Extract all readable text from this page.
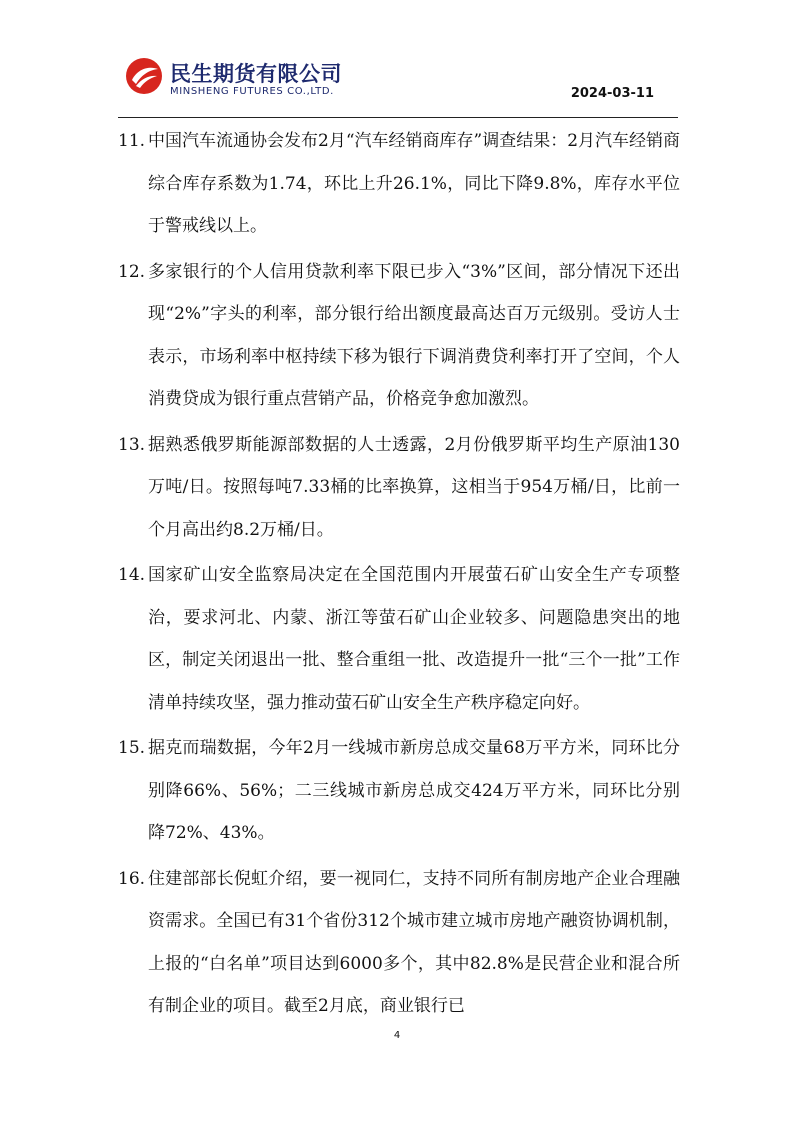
民生期货有限公司
MINSHENG FUTURES CO.,LTD.	2024-03-11
11. 中国汽车流通协会发布2月“汽车经销商库存”调查结果：2月汽车经销商综合库存系数为1.74，环比上升26.1%，同比下降9.8%，库存水平位于警戒线以上。
12. 多家银行的个人信用贷款利率下限已步入“3%”区间，部分情况下还出现“2%”字头的利率，部分银行给出额度最高达百万元级别。受访人士表示，市场利率中枢持续下移为银行下调消费贷利率打开了空间，个人消费贷成为银行重点营销产品，价格竞争愈加激烈。
13. 据熟悉俄罗斯能源部数据的人士透露，2月份俄罗斯平均生产原油130万吨/日。按照每吨7.33桶的比率换算，这相当于954万桶/日，比前一个月高出约8.2万桶/日。
14. 国家矿山安全监察局决定在全国范围内开展萤石矿山安全生产专项整治，要求河北、内蒙、浙江等萤石矿山企业较多、问题隐患突出的地区，制定关闭退出一批、整合重组一批、改造提升一批“三个一批”工作清单持续攻坚，强力推动萤石矿山安全生产秩序稳定向好。
15. 据克而瑞数据，今年2月一线城市新房总成交量68万平方米，同环比分别降66%、56%；二三线城市新房总成交424万平方米，同环比分别降72%、43%。
16. 住建部部长倪虹介绍，要一视同仁，支持不同所有制房地产企业合理融资需求。全国已有31个省份312个城市建立城市房地产融资协调机制，上报的“白名单”项目达到6000多个，其中82.8%是民营企业和混合所有制企业的项目。截至2月底，商业银行已
4
